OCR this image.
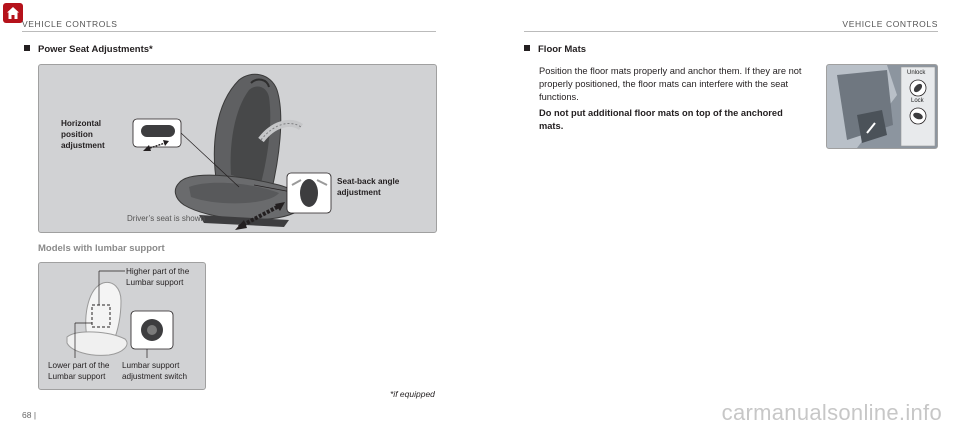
VEHICLE CONTROLS	VEHICLE CONTROLS
Power Seat Adjustments*
Horizontal
position
adjustment
Seat-back angle
adjustment
Driver’s seat is shown
Models with lumbar support
Higher part of the
Lumbar support
Lower part of the
Lumbar support
Lumbar support
adjustment switch
*if equipped
68 |
Floor Mats
Position the floor mats properly and anchor them. If they are not properly positioned, the floor mats can interfere with the seat functions.
Do not put additional floor mats on top of the anchored mats.
Unlock
Lock
carmanualsonline.info
